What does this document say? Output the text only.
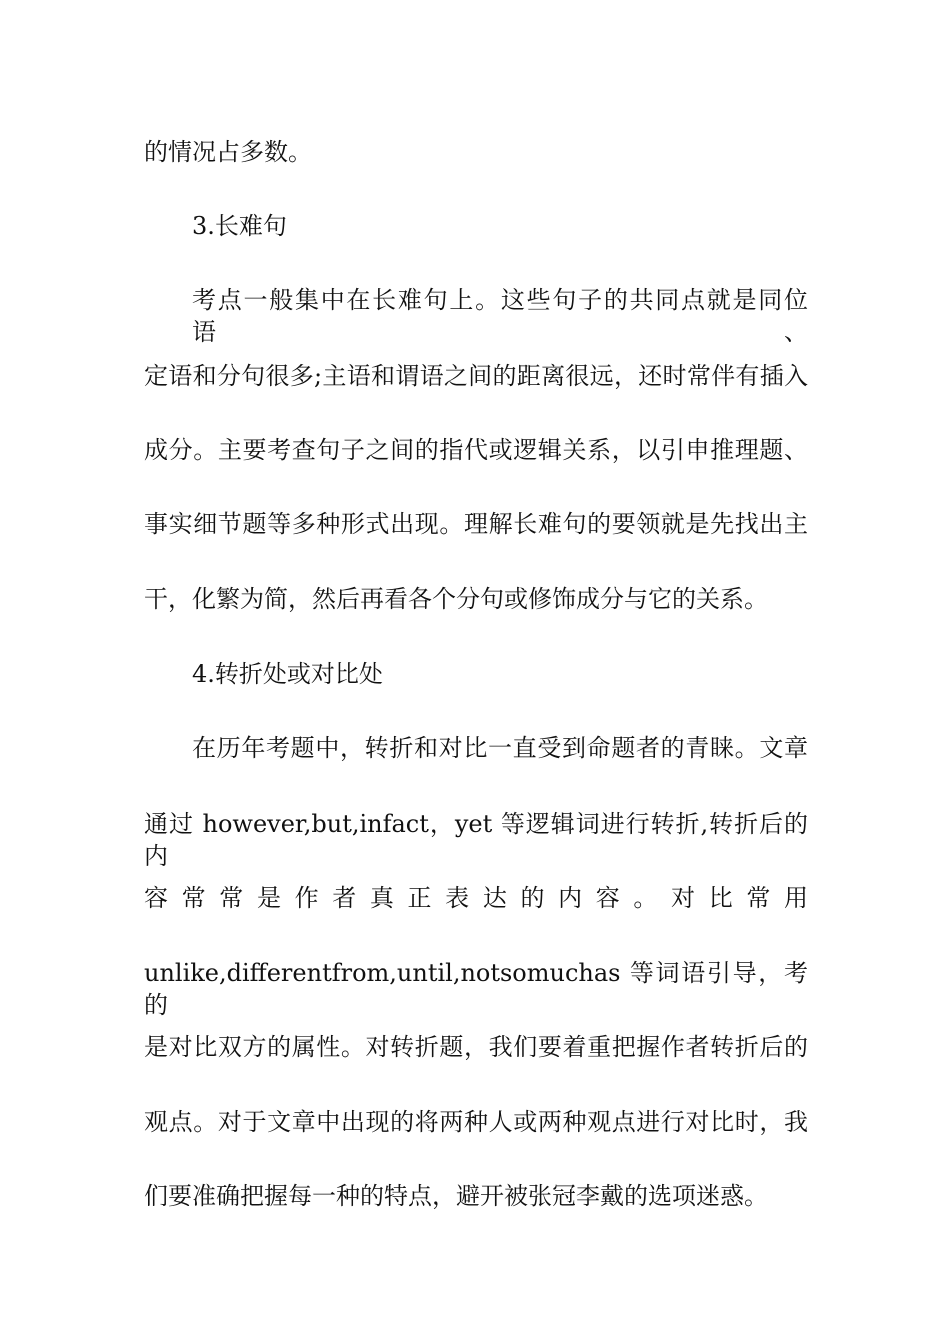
的情况占多数。
3.长难句
考点一般集中在长难句上。这些句子的共同点就是同位语、
定语和分句很多;主语和谓语之间的距离很远，还时常伴有插入
成分。主要考查句子之间的指代或逻辑关系，以引申推理题、
事实细节题等多种形式出现。理解长难句的要领就是先找出主
干，化繁为简，然后再看各个分句或修饰成分与它的关系。
4.转折处或对比处
在历年考题中，转折和对比一直受到命题者的青睐。文章
通过 however,but,infact，yet 等逻辑词进行转折,转折后的内
容 常 常 是 作 者 真 正 表 达 的 内 容 。 对 比 常 用
unlike,differentfrom,until,notsomuchas 等词语引导，考的
是对比双方的属性。对转折题，我们要着重把握作者转折后的
观点。对于文章中出现的将两种人或两种观点进行对比时，我
们要准确把握每一种的特点，避开被张冠李戴的选项迷惑。
